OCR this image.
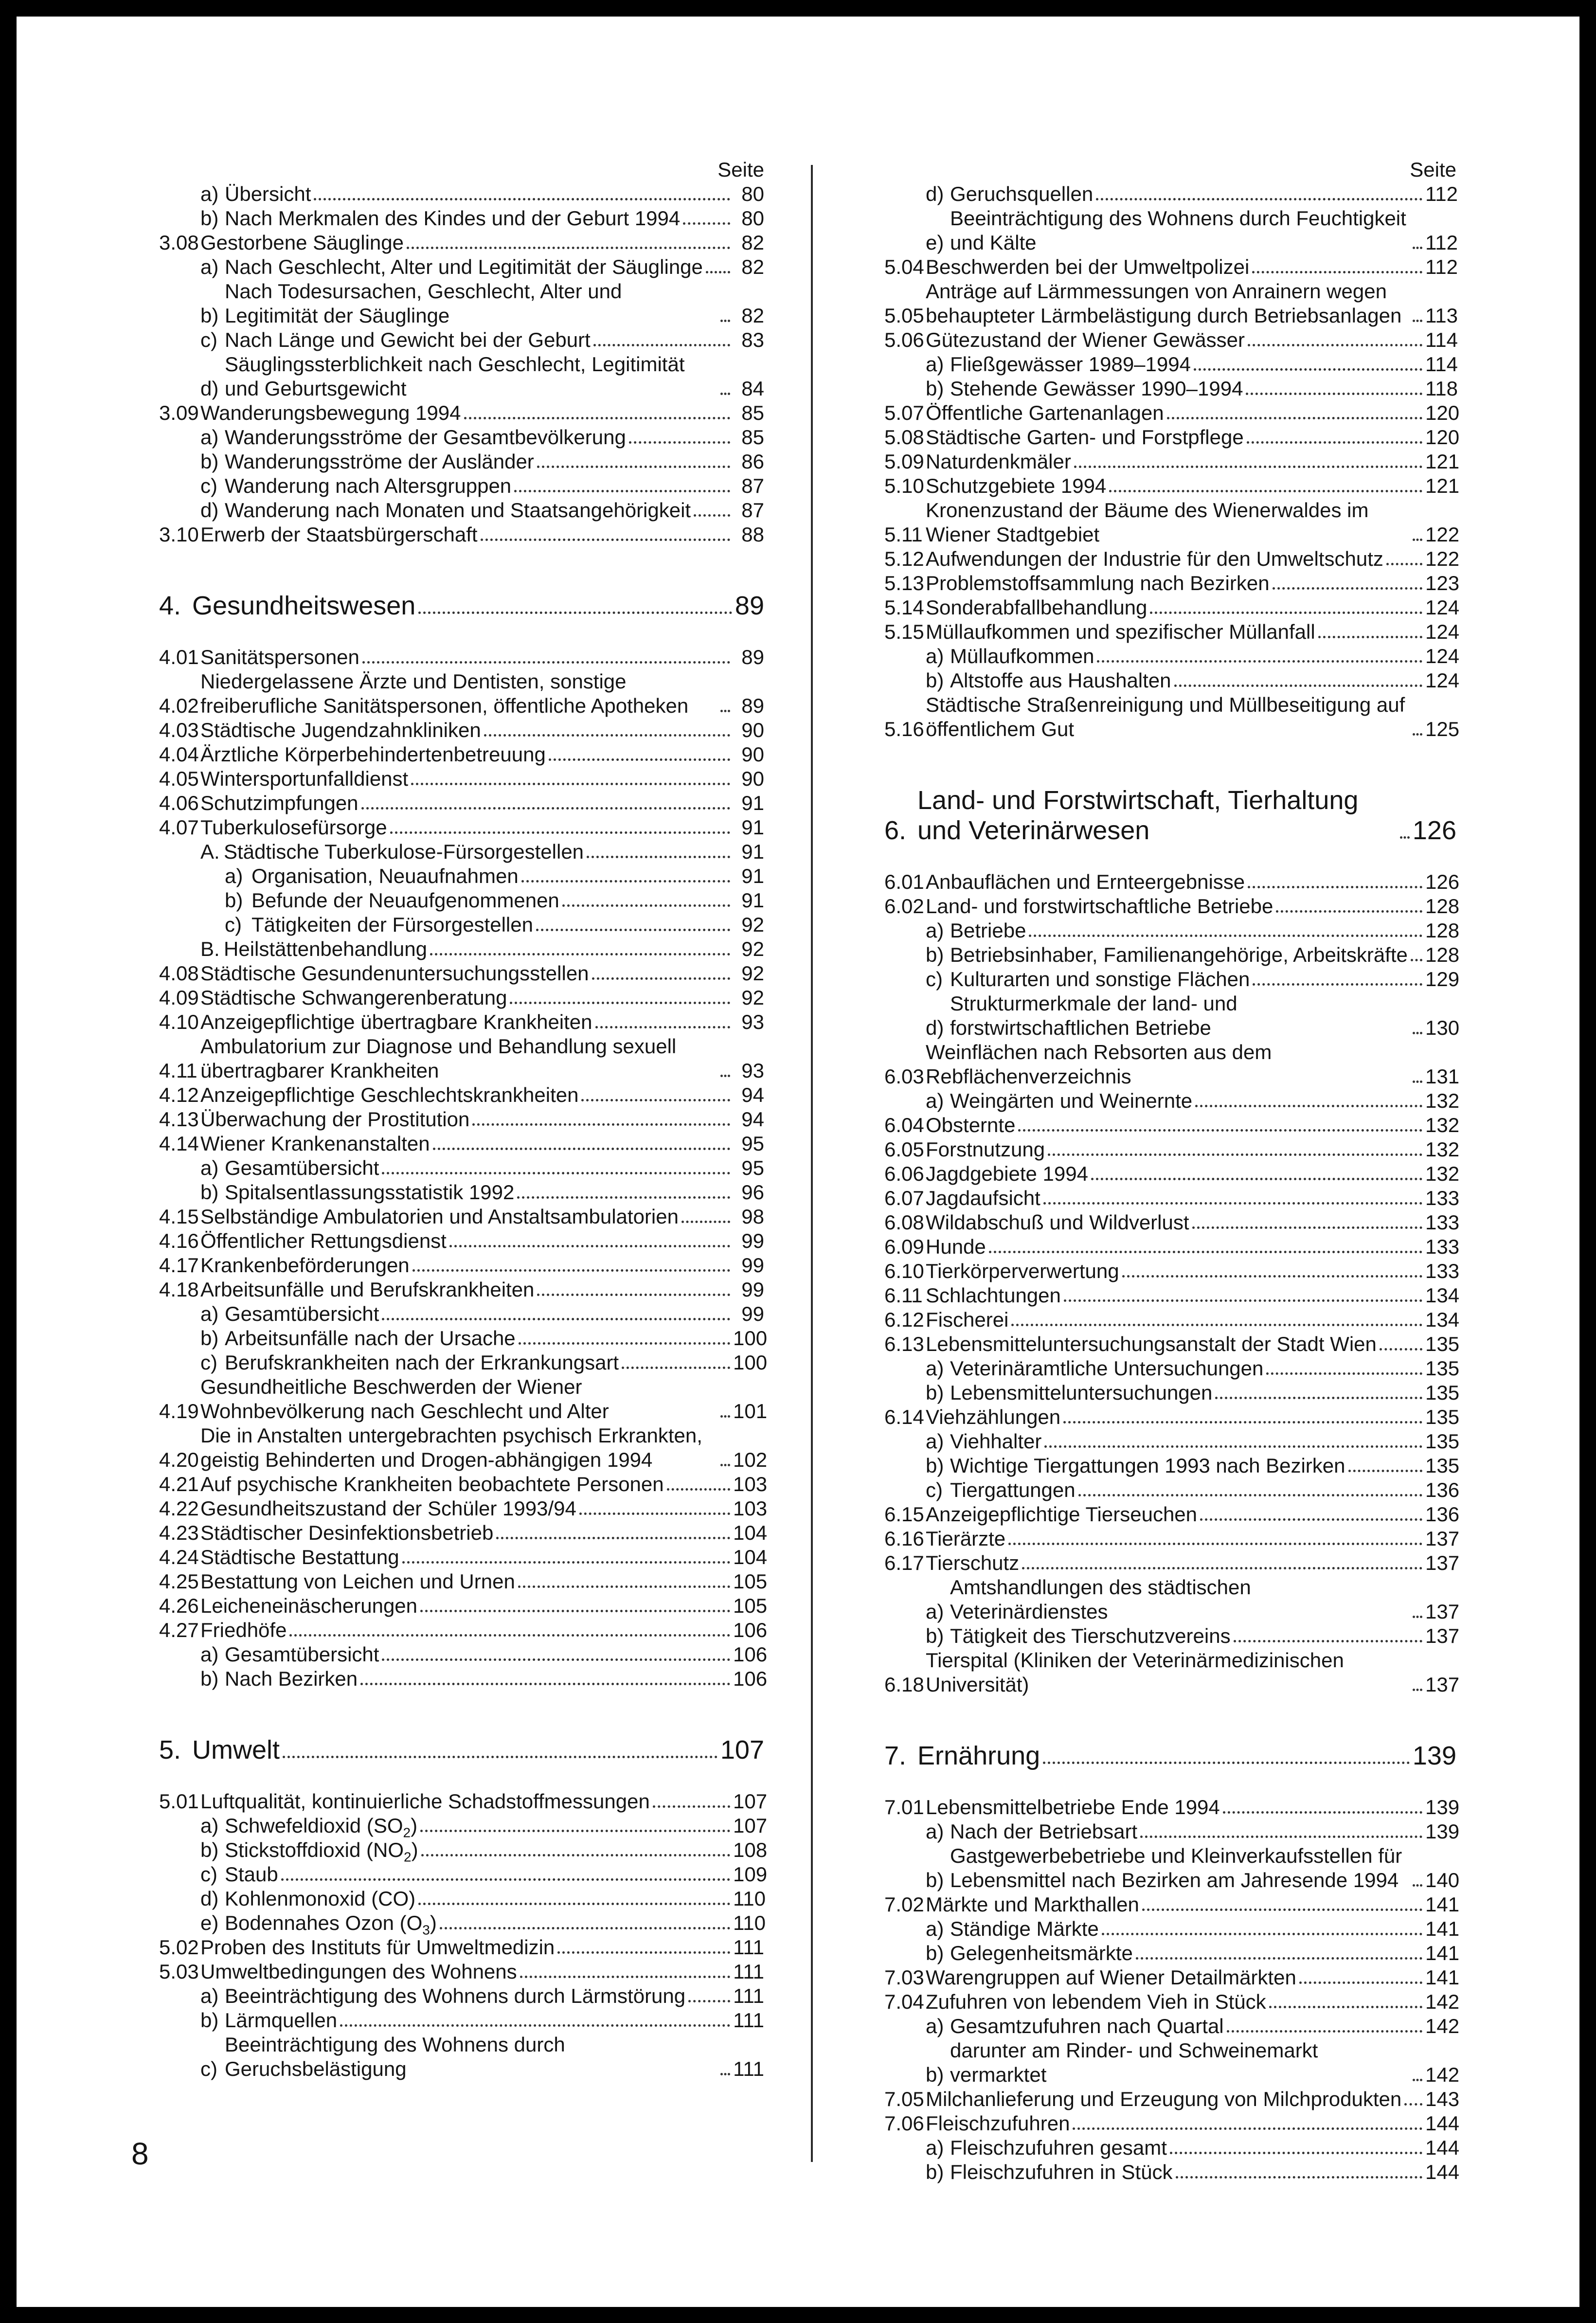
Seite
a) Übersicht	80
b) Nach Merkmalen des Kindes und der Geburt 1994	80
3.08 Gestorbene Säuglinge	82
a) Nach Geschlecht, Alter und Legitimität der Säuglinge	82
b)
Nach Todesursachen, Geschlecht, Alter und Legitimität der Säuglinge	82
c) Nach Länge und Gewicht bei der Geburt	83
d)
Säuglingssterblichkeit nach Geschlecht, Legitimität und Geburtsgewicht	84
3.09 Wanderungsbewegung 1994	85
a) Wanderungsströme der Gesamtbevölkerung	85
b) Wanderungsströme der Ausländer	86
c) Wanderung nach Altersgruppen	87
d) Wanderung nach Monaten und Staatsangehörigkeit	87
3.10 Erwerb der Staatsbürgerschaft	88
4. Gesundheitswesen	89
4.01 Sanitätspersonen	89
4.02
Niedergelassene Ärzte und Dentisten, sonstige freiberufliche Sanitätspersonen, öffentliche Apotheken	89
4.03 Städtische Jugendzahnkliniken	90
4.04 Ärztliche Körperbehindertenbetreuung	90
4.05 Wintersportunfalldienst	90
4.06 Schutzimpfungen	91
4.07 Tuberkulosefürsorge	91
A. Städtische Tuberkulose-Fürsorgestellen	91
a) Organisation, Neuaufnahmen	91
b) Befunde der Neuaufgenommenen	91
c) Tätigkeiten der Fürsorgestellen	92
B. Heilstättenbehandlung	92
4.08 Städtische Gesundenuntersuchungsstellen	92
4.09 Städtische Schwangerenberatung	92
4.10 Anzeigepflichtige übertragbare Krankheiten	93
4.11
Ambulatorium zur Diagnose und Behandlung sexuell übertragbarer Krankheiten	93
4.12 Anzeigepflichtige Geschlechtskrankheiten	94
4.13 Überwachung der Prostitution	94
4.14 Wiener Krankenanstalten	95
a) Gesamtübersicht	95
b) Spitalsentlassungsstatistik 1992	96
4.15 Selbständige Ambulatorien und Anstaltsambulatorien	98
4.16 Öffentlicher Rettungsdienst	99
4.17 Krankenbeförderungen	99
4.18 Arbeitsunfälle und Berufskrankheiten	99
a) Gesamtübersicht	99
b) Arbeitsunfälle nach der Ursache	100
c) Berufskrankheiten nach der Erkrankungsart	100
4.19
Gesundheitliche Beschwerden der Wiener Wohnbevölkerung nach Geschlecht und Alter	101
4.20
Die in Anstalten untergebrachten psychisch Erkrankten, geistig Behinderten und Drogen-abhängigen 1994	102
4.21 Auf psychische Krankheiten beobachtete Personen	103
4.22 Gesundheitszustand der Schüler 1993/94	103
4.23 Städtischer Desinfektionsbetrieb	104
4.24 Städtische Bestattung	104
4.25 Bestattung von Leichen und Urnen	105
4.26 Leicheneinäscherungen	105
4.27 Friedhöfe	106
a) Gesamtübersicht	106
b) Nach Bezirken	106
5. Umwelt	107
5.01 Luftqualität, kontinuierliche Schadstoffmessungen	107
a) Schwefeldioxid $(SO_2)$	107
b) Stickstoffdioxid $(NO_2)$	108
c) Staub	109
d) Kohlenmonoxid (CO)	110
e) Bodennahes Ozon $(O_3)$	110
5.02 Proben des Instituts für Umweltmedizin	111
5.03 Umweltbedingungen des Wohnens	111
a) Beeinträchtigung des Wohnens durch Lärmstörung 111
b) Lärmquellen	111
c)
Beeinträchtigung des Wohnens durch Geruchsbelästigung	111
Seite
d) Geruchsquellen	112
e)
Beeinträchtigung des Wohnens durch Feuchtigkeit und Kälte	112
5.04 Beschwerden bei der Umweltpolizei	112
5.05
Anträge auf Lärmmessungen von Anrainern wegen behaupteter Lärmbelästigung durch Betriebsanlagen	113
5.06 Gütezustand der Wiener Gewässer	114
a) Fließgewässer 1989–1994	114
b) Stehende Gewässer 1990–1994	118
5.07 Öffentliche Gartenanlagen	120
5.08 Städtische Garten- und Forstpflege	120
5.09 Naturdenkmäler	121
5.10 Schutzgebiete 1994	121
5.11
Kronenzustand der Bäume des Wienerwaldes im Wiener Stadtgebiet	122
5.12 Aufwendungen der Industrie für den Umweltschutz 122
5.13 Problemstoffsammlung nach Bezirken	123
5.14 Sonderabfallbehandlung	124
5.15 Müllaufkommen und spezifischer Müllanfall	124
a) Müllaufkommen	124
b) Altstoffe aus Haushalten	124
5.16
Städtische Straßenreinigung und Müllbeseitigung auf öffentlichem Gut	125
6.
Land- und Forstwirtschaft, Tierhaltung und Veterinärwesen	126
6.01 Anbauflächen und Ernteergebnisse	126
6.02 Land- und forstwirtschaftliche Betriebe	128
a) Betriebe	128
b) Betriebsinhaber, Familienangehörige, Arbeitskräfte 128
c) Kulturarten und sonstige Flächen	129
d)
Strukturmerkmale der land- und forstwirtschaftlichen Betriebe	130
6.03
Weinflächen nach Rebsorten aus dem Rebflächenverzeichnis	131
a) Weingärten und Weinernte	132
6.04 Obsternte	132
6.05 Forstnutzung	132
6.06 Jagdgebiete 1994	132
6.07 Jagdaufsicht	133
6.08 Wildabschuß und Wildverlust	133
6.09 Hunde	133
6.10 Tierkörperverwertung	133
6.11 Schlachtungen	134
6.12 Fischerei	134
6.13 Lebensmitteluntersuchungsanstalt der Stadt Wien 135
a) Veterinäramtliche Untersuchungen	135
b) Lebensmitteluntersuchungen	135
6.14 Viehzählungen	135
a) Viehhalter	135
b) Wichtige Tiergattungen 1993 nach Bezirken	135
c) Tiergattungen	136
6.15 Anzeigepflichtige Tierseuchen	136
6.16 Tierärzte	137
6.17 Tierschutz	137
a)
Amtshandlungen des städtischen Veterinärdienstes	137
b) Tätigkeit des Tierschutzvereins	137
6.18
Tierspital (Kliniken der Veterinärmedizinischen Universität)	137
7. Ernährung	139
7.01 Lebensmittelbetriebe Ende 1994	139
a) Nach der Betriebsart	139
b)
Gastgewerbebetriebe und Kleinverkaufsstellen für Lebensmittel nach Bezirken am Jahresende 1994	140
7.02 Märkte und Markthallen	141
a) Ständige Märkte	141
b) Gelegenheitsmärkte	141
7.03 Warengruppen auf Wiener Detailmärkten	141
7.04 Zufuhren von lebendem Vieh in Stück	142
a) Gesamtzufuhren nach Quartal	142
b)
darunter am Rinder- und Schweinemarkt vermarktet	142
7.05 Milchanlieferung und Erzeugung von Milchprodukten 143
7.06 Fleischzufuhren	144
a) Fleischzufuhren gesamt	144
b) Fleischzufuhren in Stück	144
8
